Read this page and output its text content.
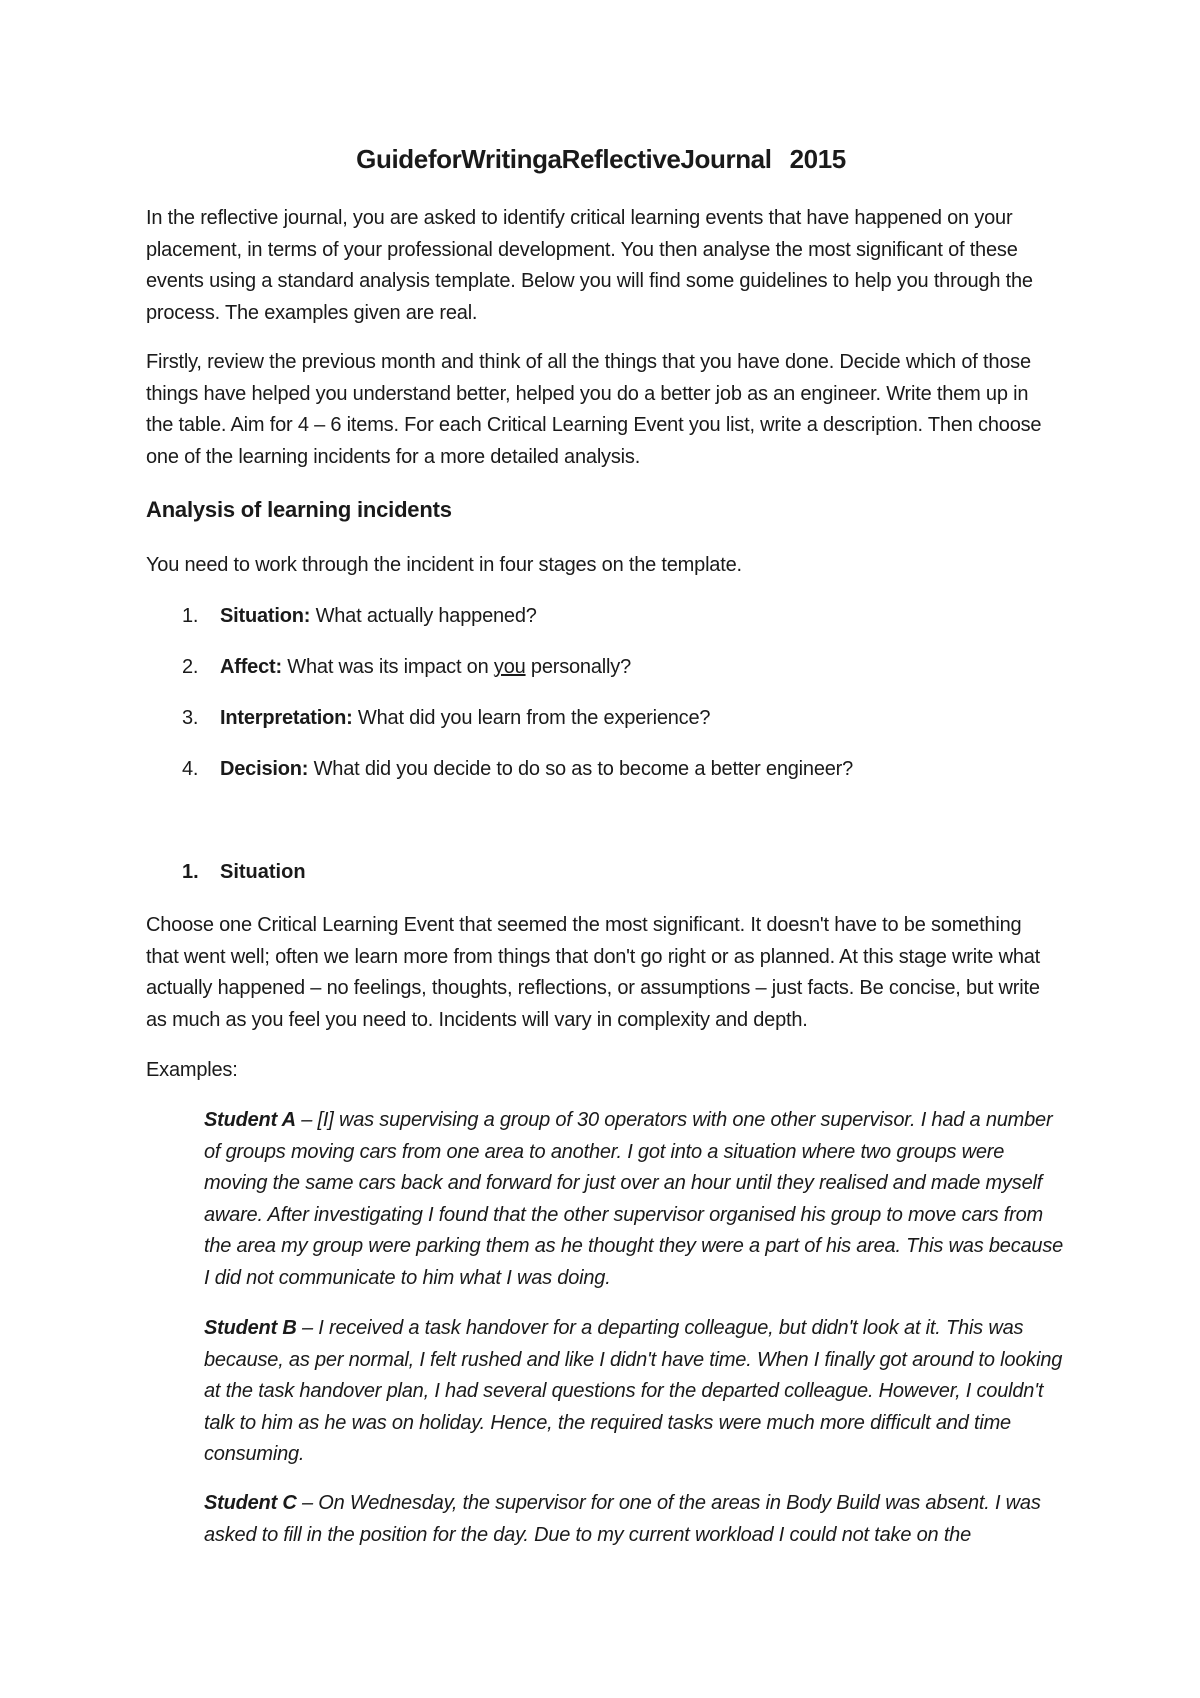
GuideforWritingaReflectiveJournal 2015

In the reflective journal, you are asked to identify critical learning events that have happened on your placement, in terms of your professional development. You then analyse the most significant of these events using a standard analysis template. Below you will find some guidelines to help you through the process. The examples given are real.

Firstly, review the previous month and think of all the things that you have done. Decide which of those things have helped you understand better, helped you do a better job as an engineer. Write them up in the table. Aim for 4 – 6 items. For each Critical Learning Event you list, write a description. Then choose one of the learning incidents for a more detailed analysis.

Analysis of learning incidents

You need to work through the incident in four stages on the template.

1. Situation: What actually happened?
2. Affect: What was its impact on you personally?
3. Interpretation: What did you learn from the experience?
4. Decision: What did you decide to do so as to become a better engineer?
1. Situation

Choose one Critical Learning Event that seemed the most significant. It doesn't have to be something that went well; often we learn more from things that don't go right or as planned. At this stage write what actually happened – no feelings, thoughts, reflections, or assumptions – just facts. Be concise, but write as much as you feel you need to. Incidents will vary in complexity and depth.

Examples:

Student A – [I] was supervising a group of 30 operators with one other supervisor. I had a number of groups moving cars from one area to another. I got into a situation where two groups were moving the same cars back and forward for just over an hour until they realised and made myself aware. After investigating I found that the other supervisor organised his group to move cars from the area my group were parking them as he thought they were a part of his area. This was because I did not communicate to him what I was doing.

Student B – I received a task handover for a departing colleague, but didn't look at it. This was because, as per normal, I felt rushed and like I didn't have time. When I finally got around to looking at the task handover plan, I had several questions for the departed colleague. However, I couldn't talk to him as he was on holiday. Hence, the required tasks were much more difficult and time consuming.

Student C – On Wednesday, the supervisor for one of the areas in Body Build was absent. I was asked to fill in the position for the day. Due to my current workload I could not take on the
